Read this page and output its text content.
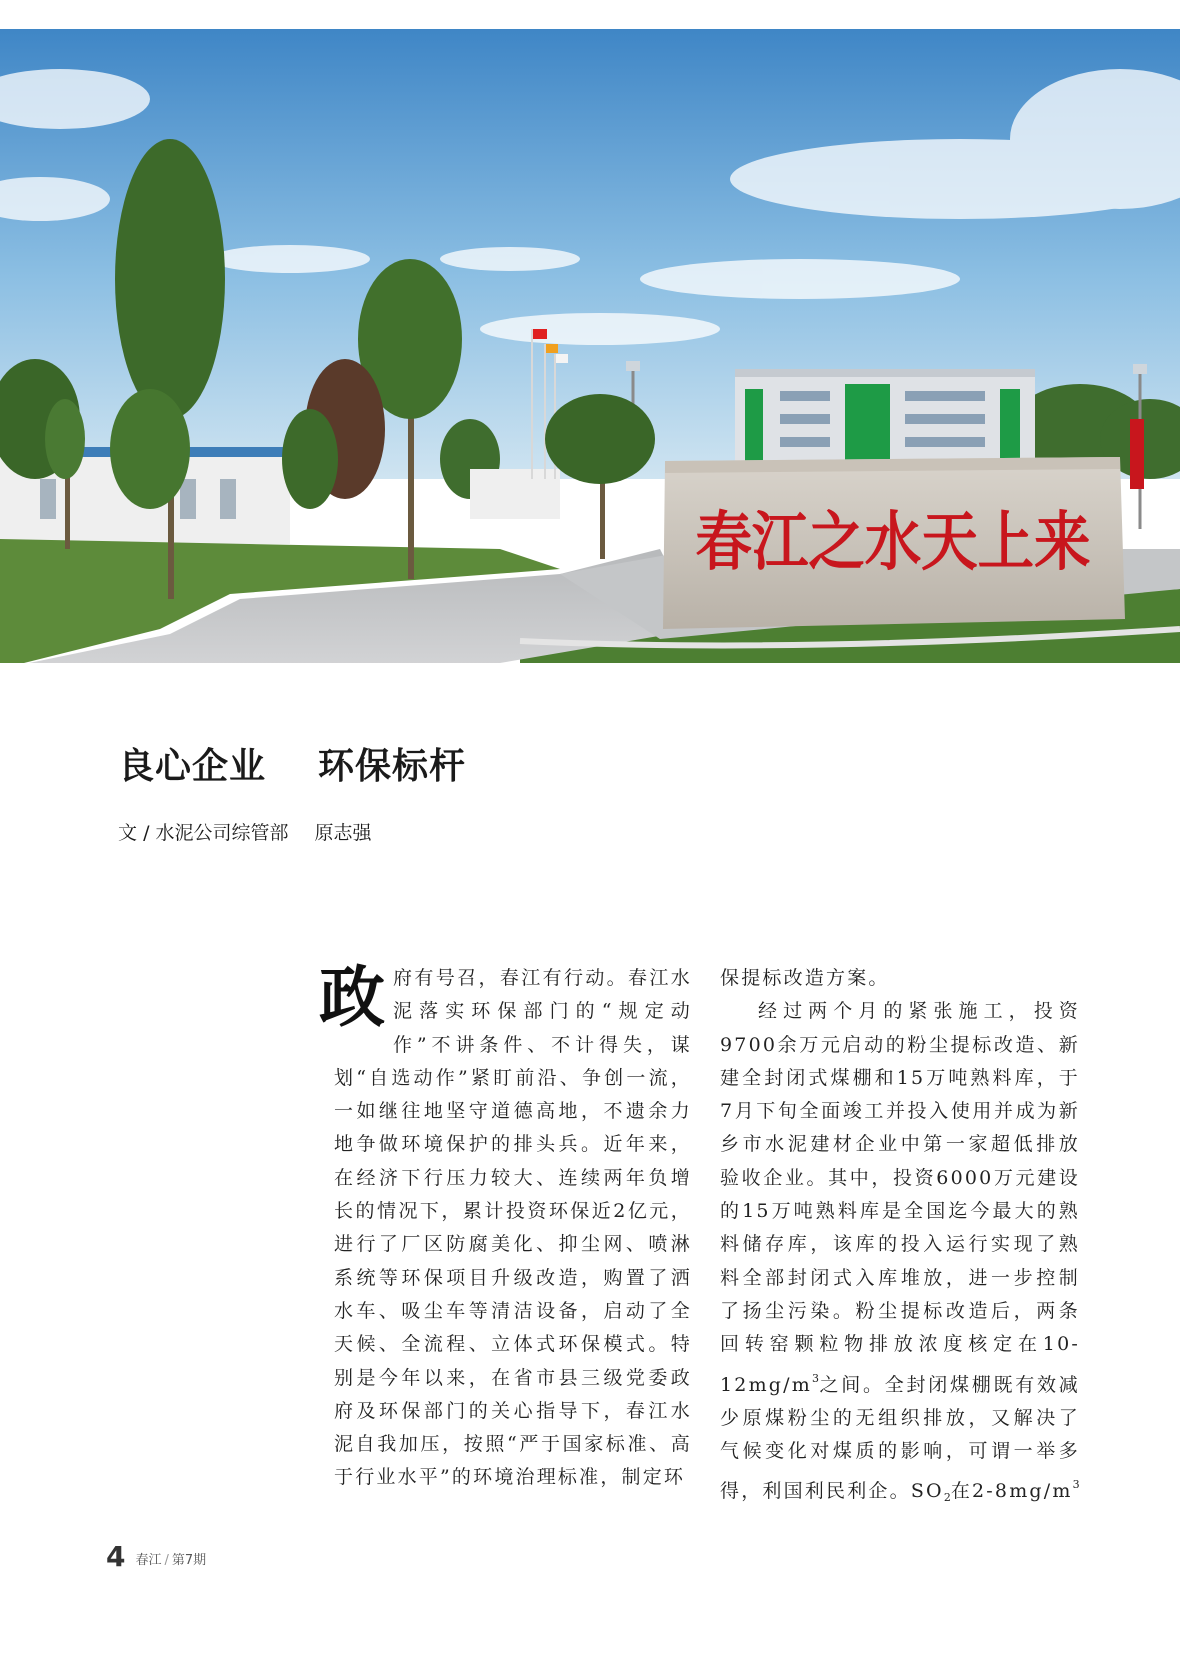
春江之水天上来
良心企业 环保标杆
文 / 水泥公司综管部 原志强

政府有号召，春江有行动。春江水泥落实环保部门的“规定动作”不讲条件、不计得失，谋划“自选动作”紧盯前沿、争创一流，一如继往地坚守道德高地，不遗余力地争做环境保护的排头兵。近年来，在经济下行压力较大、连续两年负增长的情况下，累计投资环保近2亿元，进行了厂区防腐美化、抑尘网、喷淋系统等环保项目升级改造，购置了洒水车、吸尘车等清洁设备，启动了全天候、全流程、立体式环保模式。特别是今年以来，在省市县三级党委政府及环保部门的关心指导下，春江水泥自我加压，按照“严于国家标准、高于行业水平”的环境治理标准，制定环

保提标改造方案。

经过两个月的紧张施工，投资9700余万元启动的粉尘提标改造、新建全封闭式煤棚和15万吨熟料库，于7月下旬全面竣工并投入使用并成为新乡市水泥建材企业中第一家超低排放验收企业。其中，投资6000万元建设的15万吨熟料库是全国迄今最大的熟料储存库，该库的投入运行实现了熟料全部封闭式入库堆放，进一步控制了扬尘污染。粉尘提标改造后，两条回转窑颗粒物排放浓度核定在$10-12mg/m^3$之间。全封闭煤棚既有效减少原煤粉尘的无组织排放，又解决了气候变化对煤质的影响，可谓一举多得，利国利民利企。$SO_2$在$2-8mg/m^3$

4 春江 / 第7期
